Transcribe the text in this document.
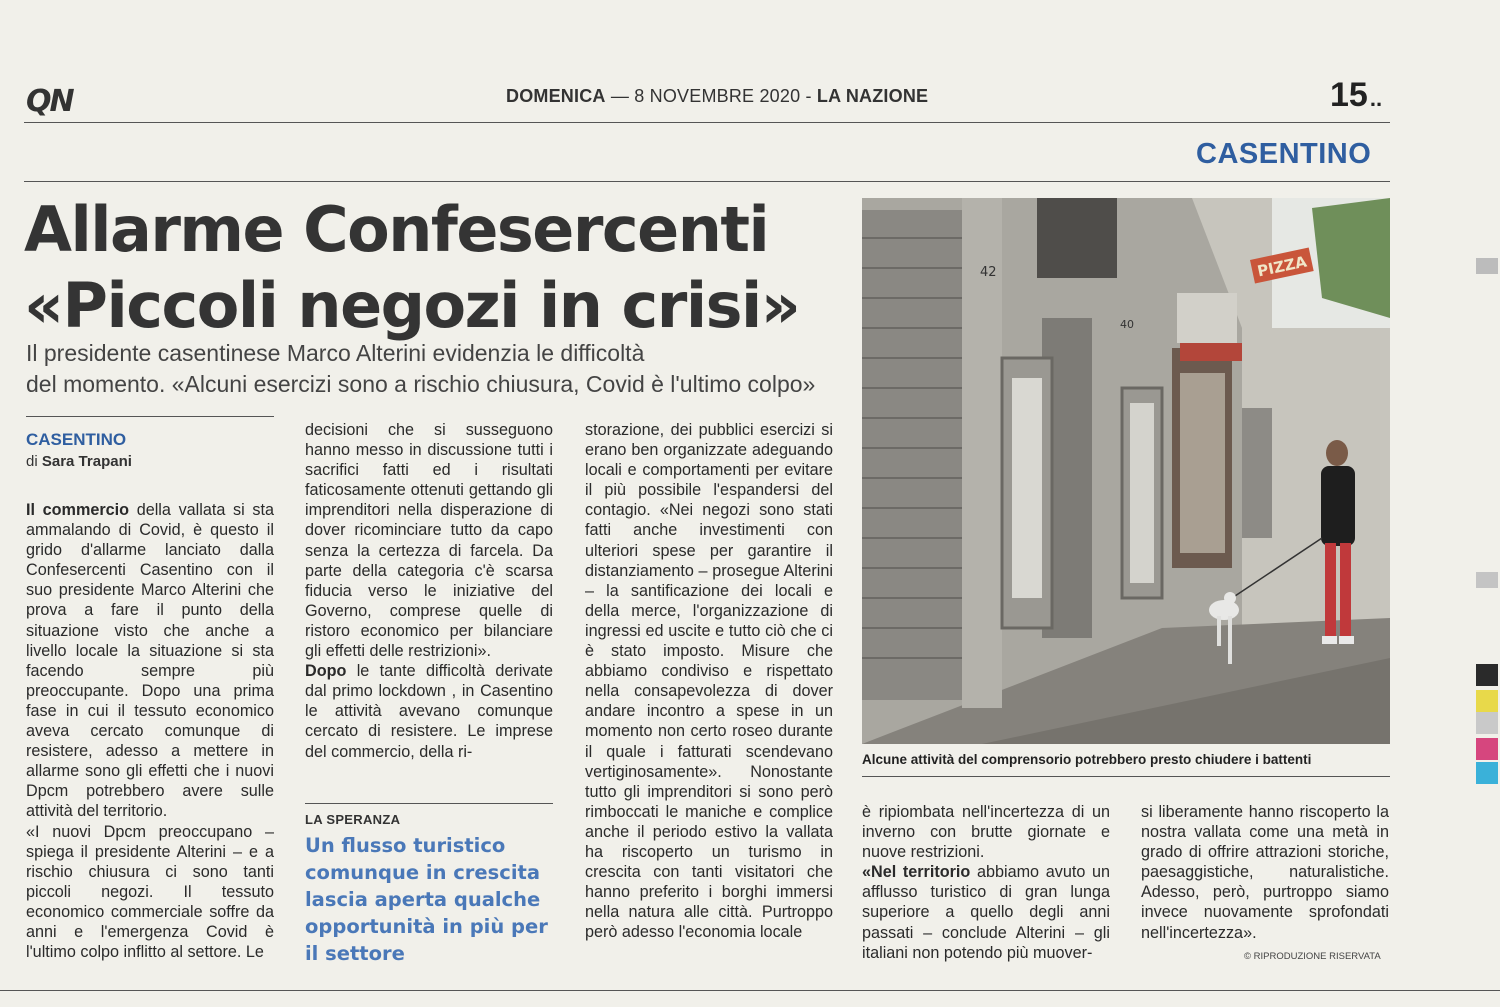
QN	DOMENICA — 8 NOVEMBRE 2020 - LA NAZIONE	15..
CASENTINO
Allarme Confesercenti
«Piccoli negozi in crisi»
Il presidente casentinese Marco Alterini evidenzia le difficoltà
del momento. «Alcuni esercizi sono a rischio chiusura, Covid è l'ultimo colpo»
CASENTINO
di Sara Trapani

Il commercio della vallata si sta ammalando di Covid, è questo il grido d'allarme lanciato dalla Confesercenti Casentino con il suo presidente Marco Alterini che prova a fare il punto della situazione visto che anche a livello locale la situazione si sta facendo sempre più preoccupante. Dopo una prima fase in cui il tessuto economico aveva cercato comunque di resistere, adesso a mettere in allarme sono gli effetti che i nuovi Dpcm potrebbero avere sulle attività del territorio.

«I nuovi Dpcm preoccupano – spiega il presidente Alterini – e a rischio chiusura ci sono tanti piccoli negozi. Il tessuto economico commerciale soffre da anni e l'emergenza Covid è l'ultimo colpo inflitto al settore. Le

decisioni che si susseguono hanno messo in discussione tutti i sacrifici fatti ed i risultati faticosamente ottenuti gettando gli imprenditori nella disperazione di dover ricominciare tutto da capo senza la certezza di farcela. Da parte della categoria c'è scarsa fiducia verso le iniziative del Governo, comprese quelle di ristoro economico per bilanciare gli effetti delle restrizioni».

Dopo le tante difficoltà derivate dal primo lockdown , in Casentino le attività avevano comunque cercato di resistere. Le imprese del commercio, della ri-

LA SPERANZA
Un flusso turistico comunque in crescita lascia aperta qualche opportunità in più per il settore

storazione, dei pubblici esercizi si erano ben organizzate adeguando locali e comportamenti per evitare il più possibile l'espandersi del contagio. «Nei negozi sono stati fatti anche investimenti con ulteriori spese per garantire il distanziamento – prosegue Alterini – la santificazione dei locali e della merce, l'organizzazione di ingressi ed uscite e tutto ciò che ci è stato imposto. Misure che abbiamo condiviso e rispettato nella consapevolezza di dover andare incontro a spese in un momento non certo roseo durante il quale i fatturati scendevano vertiginosamente». Nonostante tutto gli imprenditori si sono però rimboccati le maniche e complice anche il periodo estivo la vallata ha riscoperto un turismo in crescita con tanti visitatori che hanno preferito i borghi immersi nella natura alle città. Purtroppo però adesso l'economia locale

PIZZA
42
40
Alcune attività del comprensorio potrebbero presto chiudere i battenti

è ripiombata nell'incertezza di un inverno con brutte giornate e nuove restrizioni.

«Nel territorio abbiamo avuto un afflusso turistico di gran lunga superiore a quello degli anni passati – conclude Alterini – gli italiani non potendo più muover-

si liberamente hanno riscoperto la nostra vallata come una metà in grado di offrire attrazioni storiche, paesaggistiche, naturalistiche. Adesso, però, purtroppo siamo invece nuovamente sprofondati nell'incertezza».

© RIPRODUZIONE RISERVATA
